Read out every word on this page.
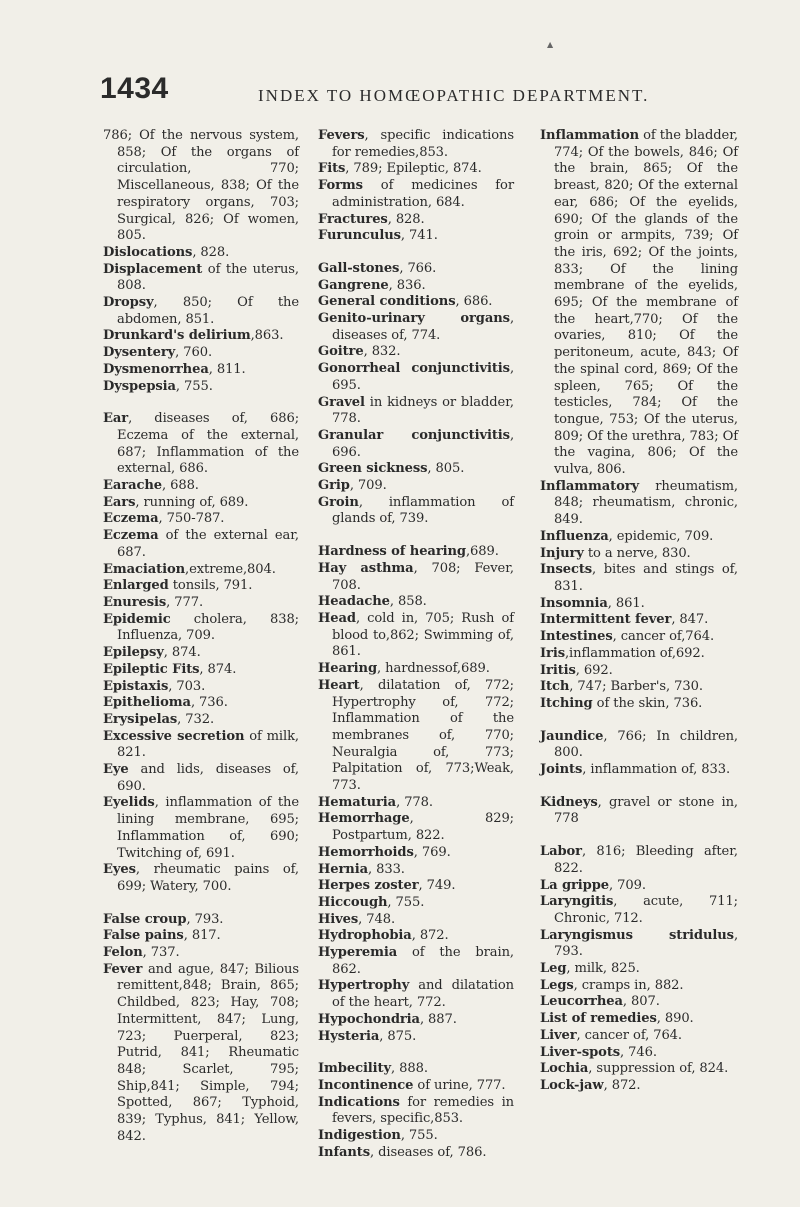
1434
▲
INDEX TO HOMŒOPATHIC DEPARTMENT.
786; Of the nervous system, 858; Of the organs of circulation, 770; Miscellaneous, 838; Of the respiratory organs, 703; Surgical, 826; Of women, 805.
Dislocations, 828.
Displacement of the uterus, 808.
Dropsy, 850; Of the abdomen, 851.
Drunkard's delirium,863.
Dysentery, 760.
Dysmenorrhea, 811.
Dyspepsia, 755.
Ear, diseases of, 686; Eczema of the external, 687; Inflammation of the external, 686.
Earache, 688.
Ears, running of, 689.
Eczema, 750-787.
Eczema of the external ear, 687.
Emaciation,extreme,804.
Enlarged tonsils, 791.
Enuresis, 777.
Epidemic cholera, 838; Influenza, 709.
Epilepsy, 874.
Epileptic Fits, 874.
Epistaxis, 703.
Epithelioma, 736.
Erysipelas, 732.
Excessive secretion of milk, 821.
Eye and lids, diseases of, 690.
Eyelids, inflammation of the lining membrane, 695; Inflammation of, 690; Twitching of, 691.
Eyes, rheumatic pains of, 699; Watery, 700.
False croup, 793.
False pains, 817.
Felon, 737.
Fever and ague, 847; Bilious remittent,848; Brain, 865; Childbed, 823; Hay, 708; Intermittent, 847; Lung, 723; Puerperal, 823; Putrid, 841; Rheumatic 848; Scarlet, 795; Ship,841; Simple, 794; Spotted, 867; Typhoid, 839; Typhus, 841; Yellow, 842.
Fevers, specific indications for remedies,853.
Fits, 789; Epileptic, 874.
Forms of medicines for administration, 684.
Fractures, 828.
Furunculus, 741.
Gall-stones, 766.
Gangrene, 836.
General conditions, 686.
Genito-urinary organs, diseases of, 774.
Goitre, 832.
Gonorrheal conjunctivitis, 695.
Gravel in kidneys or bladder, 778.
Granular conjunctivitis, 696.
Green sickness, 805.
Grip, 709.
Groin, inflammation of glands of, 739.
Hardness of hearing,689.
Hay asthma, 708; Fever, 708.
Headache, 858.
Head, cold in, 705; Rush of blood to,862; Swimming of, 861.
Hearing, hardnessof,689.
Heart, dilatation of, 772; Hypertrophy of, 772; Inflammation of the membranes of, 770; Neuralgia of, 773; Palpitation of, 773;Weak, 773.
Hematuria, 778.
Hemorrhage, 829; Postpartum, 822.
Hemorrhoids, 769.
Hernia, 833.
Herpes zoster, 749.
Hiccough, 755.
Hives, 748.
Hydrophobia, 872.
Hyperemia of the brain, 862.
Hypertrophy and dilatation of the heart, 772.
Hypochondria, 887.
Hysteria, 875.
Imbecility, 888.
Incontinence of urine, 777.
Indications for remedies in fevers, specific,853.
Indigestion, 755.
Infants, diseases of, 786.
Inflammation of the bladder, 774; Of the bowels, 846; Of the brain, 865; Of the breast, 820; Of the external ear, 686; Of the eyelids, 690; Of the glands of the groin or armpits, 739; Of the iris, 692; Of the joints, 833; Of the lining membrane of the eyelids, 695; Of the membrane of the heart,770; Of the ovaries, 810; Of the peritoneum, acute, 843; Of the spinal cord, 869; Of the spleen, 765; Of the testicles, 784; Of the tongue, 753; Of the uterus, 809; Of the urethra, 783; Of the vagina, 806; Of the vulva, 806.
Inflammatory rheumatism, 848; rheumatism, chronic, 849.
Influenza, epidemic, 709.
Injury to a nerve, 830.
Insects, bites and stings of, 831.
Insomnia, 861.
Intermittent fever, 847.
Intestines, cancer of,764.
Iris,inflammation of,692.
Iritis, 692.
Itch, 747; Barber's, 730.
Itching of the skin, 736.
Jaundice, 766; In children, 800.
Joints, inflammation of, 833.
Kidneys, gravel or stone in, 778
Labor, 816; Bleeding after, 822.
La grippe, 709.
Laryngitis, acute, 711; Chronic, 712.
Laryngismus stridulus, 793.
Leg, milk, 825.
Legs, cramps in, 882.
Leucorrhea, 807.
List of remedies, 890.
Liver, cancer of, 764.
Liver-spots, 746.
Lochia, suppression of, 824.
Lock-jaw, 872.
